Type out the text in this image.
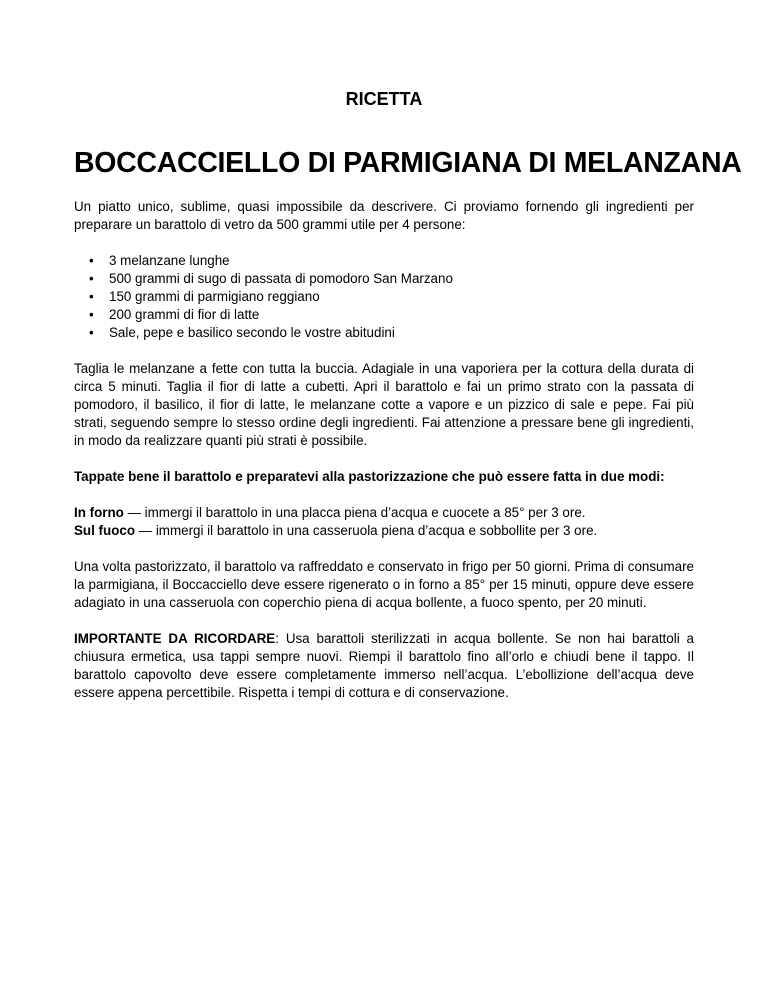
RICETTA
BOCCACCIELLO DI PARMIGIANA DI MELANZANA

Un piatto unico, sublime, quasi impossibile da descrivere. Ci proviamo fornendo gli ingredienti per preparare un barattolo di vetro da 500 grammi utile per 4 persone:

• 3 melanzane lunghe
• 500 grammi di sugo di passata di pomodoro San Marzano
• 150 grammi di parmigiano reggiano
• 200 grammi di fior di latte
• Sale, pepe e basilico secondo le vostre abitudini

Taglia le melanzane a fette con tutta la buccia. Adagiale in una vaporiera per la cottura della durata di circa 5 minuti. Taglia il fior di latte a cubetti. Apri il barattolo e fai un primo strato con la passata di pomodoro, il basilico, il fior di latte, le melanzane cotte a vapore e un pizzico di sale e pepe. Fai più strati, seguendo sempre lo stesso ordine degli ingredienti. Fai attenzione a pressare bene gli ingredienti, in modo da realizzare quanti più strati è possibile.

Tappate bene il barattolo e preparatevi alla pastorizzazione che può essere fatta in due modi:

In forno — immergi il barattolo in una placca piena d’acqua e cuocete a 85° per 3 ore.
Sul fuoco — immergi il barattolo in una casseruola piena d’acqua e sobbollite per 3 ore.

Una volta pastorizzato, il barattolo va raffreddato e conservato in frigo per 50 giorni. Prima di consumare la parmigiana, il Boccacciello deve essere rigenerato o in forno a 85° per 15 minuti, oppure deve essere adagiato in una casseruola con coperchio piena di acqua bollente, a fuoco spento, per 20 minuti.

IMPORTANTE DA RICORDARE: Usa barattoli sterilizzati in acqua bollente. Se non hai barattoli a chiusura ermetica, usa tappi sempre nuovi. Riempi il barattolo fino all’orlo e chiudi bene il tappo. Il barattolo capovolto deve essere completamente immerso nell’acqua. L’ebollizione dell’acqua deve essere appena percettibile. Rispetta i tempi di cottura e di conservazione.
